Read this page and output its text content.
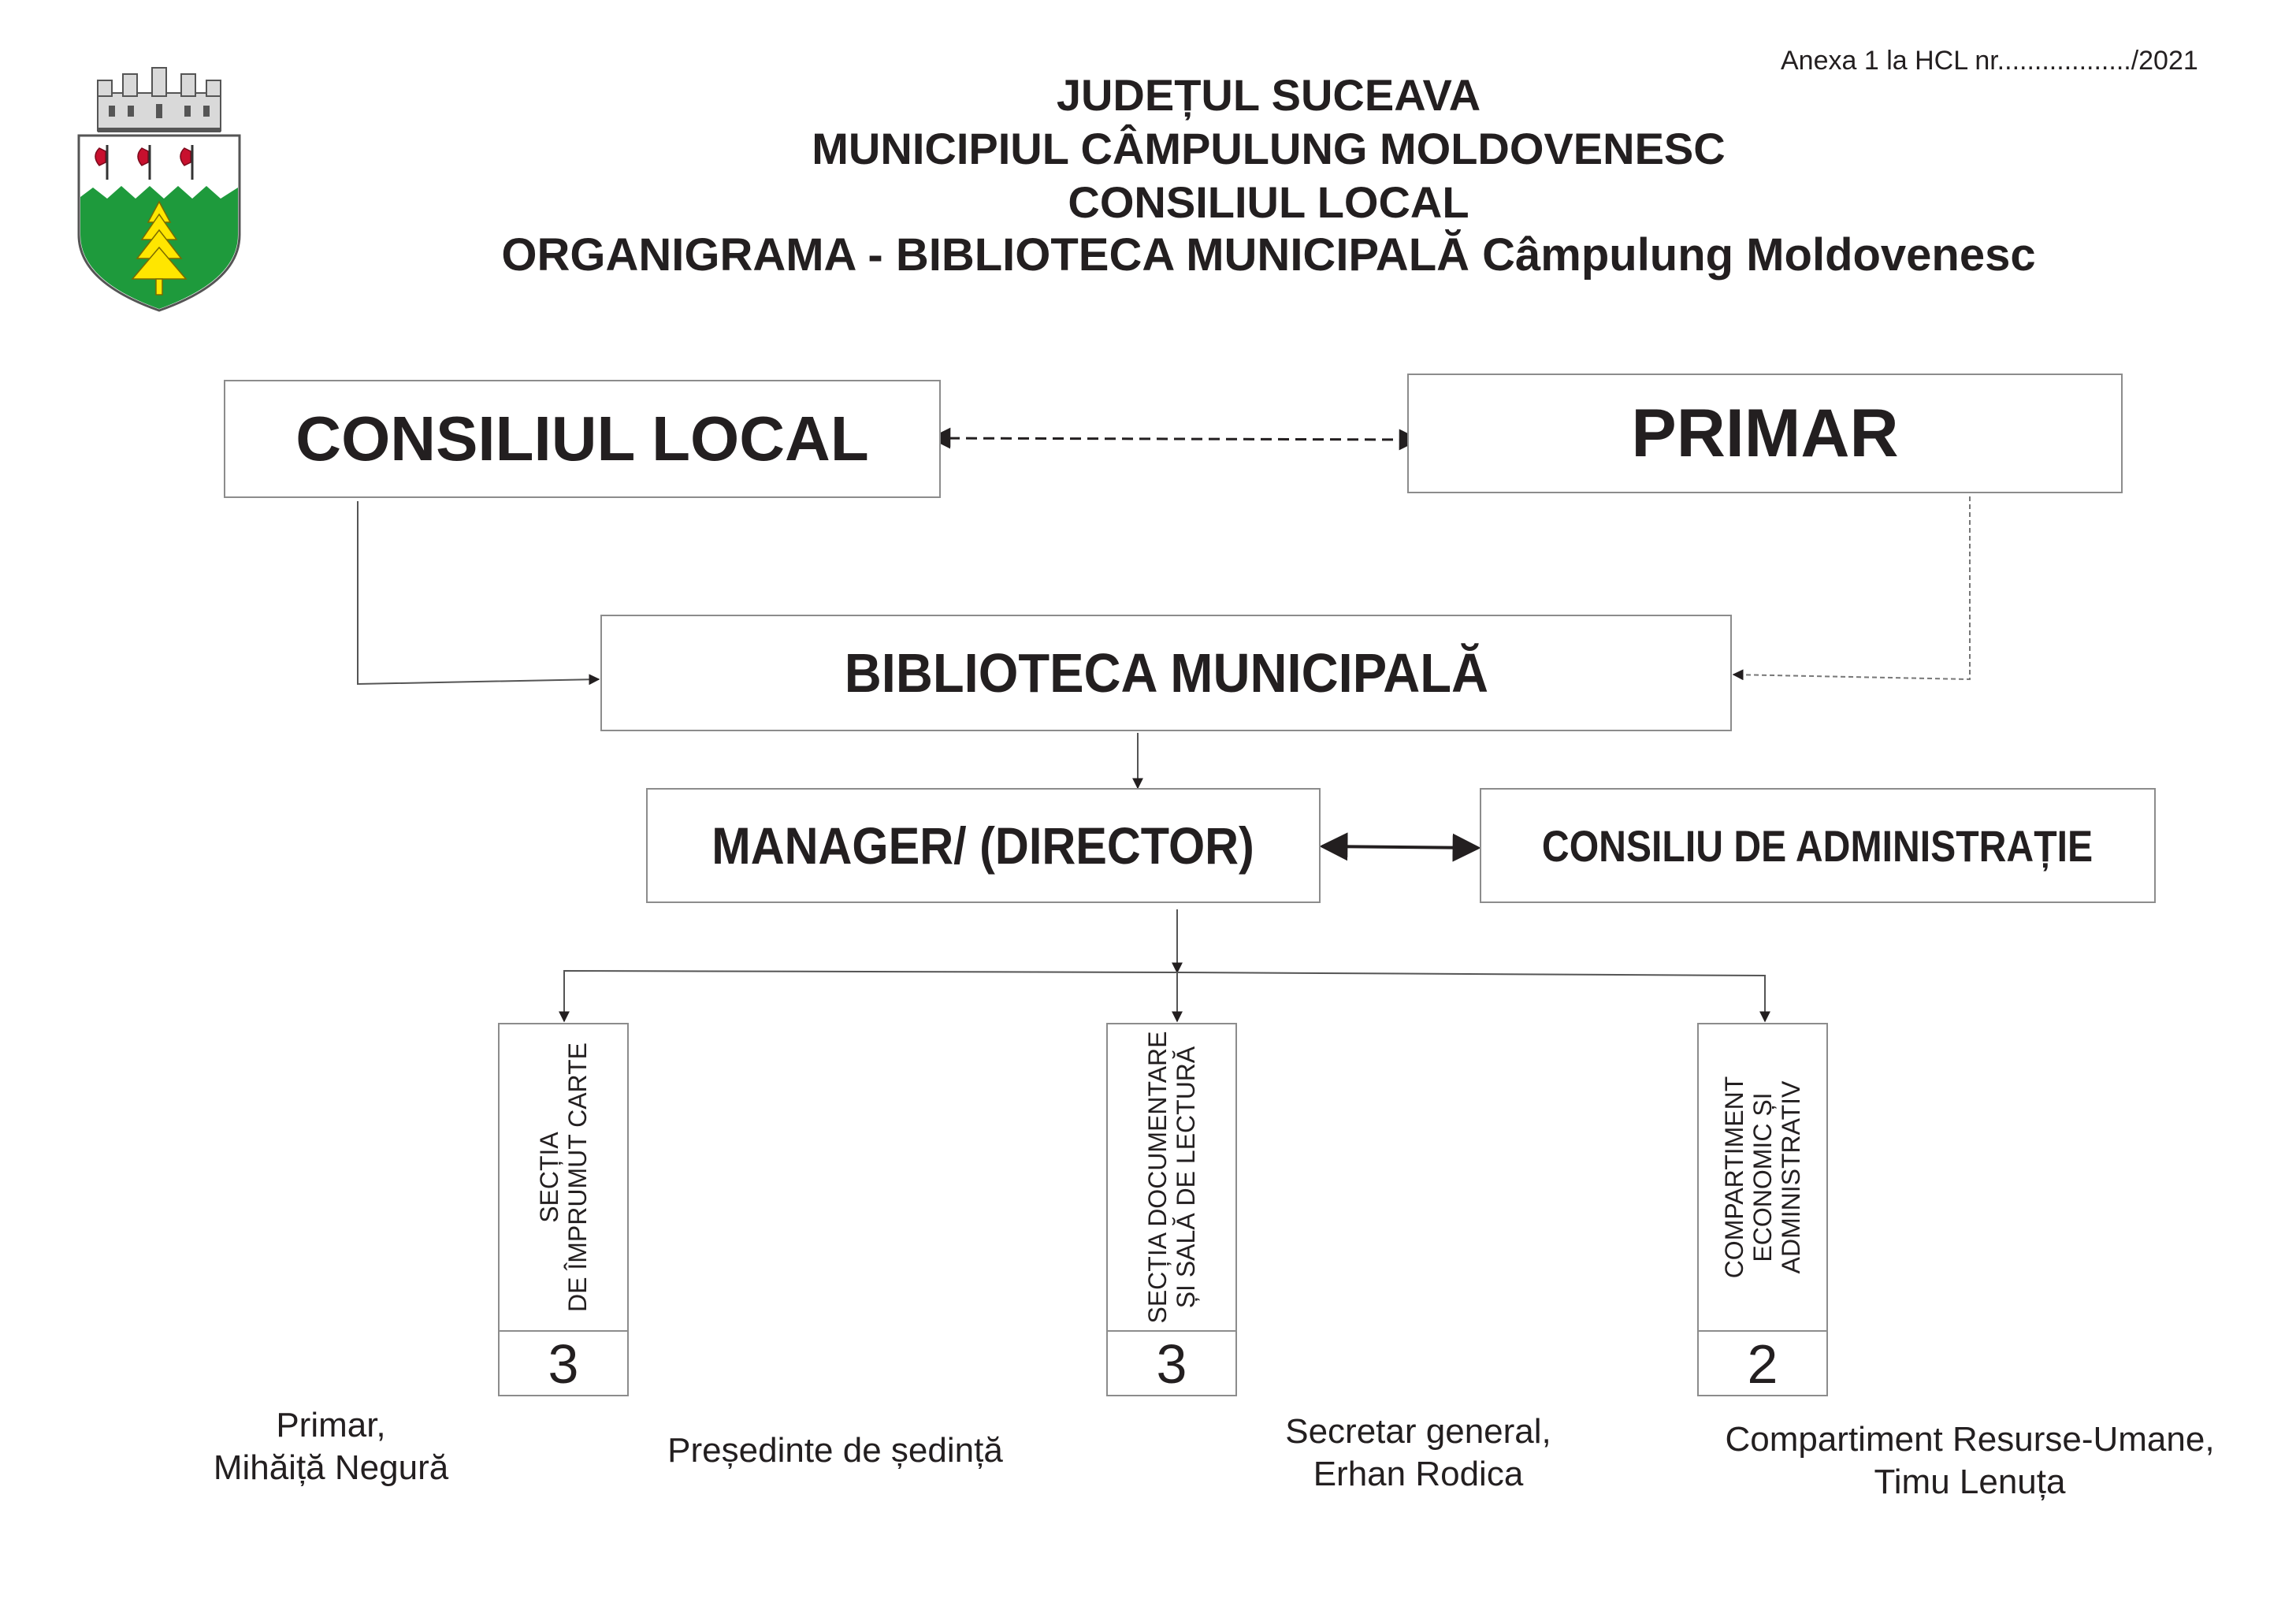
Anexa 1 la HCL nr................../2021
JUDEȚUL SUCEAVA
MUNICIPIUL CÂMPULUNG MOLDOVENESC
CONSILIUL LOCAL
ORGANIGRAMA - BIBLIOTECA MUNICIPALĂ Câmpulung Moldovenesc
CONSILIUL LOCAL	PRIMAR
BIBLIOTECA MUNICIPALĂ
MANAGER/ (DIRECTOR)	CONSILIU DE ADMINISTRAȚIE
SECȚIA DE ÎMPRUMUT CARTE
3
SECȚIA DOCUMENTARE ȘI SALĂ DE LECTURĂ
3
COMPARTIMENT ECONOMIC ȘI ADMINISTRATIV
2
Primar,
Mihăiță Negură	Președinte de ședință	Secretar general,
Erhan Rodica
Compartiment Resurse-Umane,
Timu Lenuța
